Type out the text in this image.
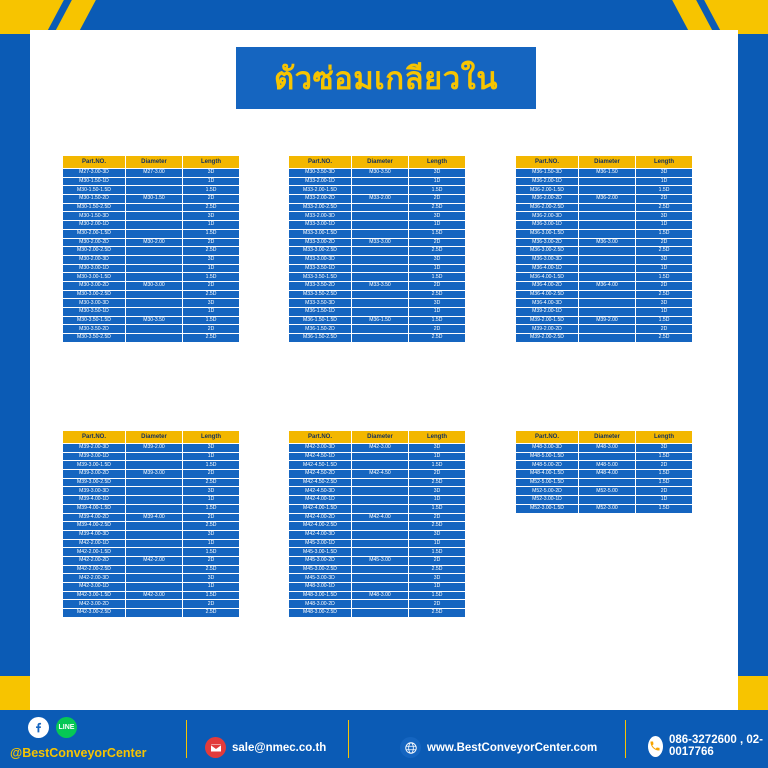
ตัวซ่อมเกลียวใน
Part.NO.	Diameter	Length
M27-3.00-3D	M27-3.00	3D
M30-1.50-1D		1D
M30-1.50-1.5D		1.5D
M30-1.50-2D	M30-1.50	2D
M30-1.50-2.5D		2.5D
M30-1.50-3D		3D
M30-2.00-1D		1D
M30-2.00-1.5D		1.5D
M30-2.00-2D	M30-2.00	2D
M30-2.00-2.5D		2.5D
M30-2.00-3D		3D
M30-3.00-1D		1D
M30-3.00-1.5D		1.5D
M30-3.00-2D	M30-3.00	2D
M30-3.00-2.5D		2.5D
M30-3.00-3D		3D
M30-3.50-1D		1D
M30-3.50-1.5D	M30-3.50	1.5D
M30-3.50-2D		2D
M30-3.50-2.5D		2.5D
Part.NO.	Diameter	Length
M30-3.50-3D	M30-3.50	3D
M33-2.00-1D		1D
M33-2.00-1.5D		1.5D
M33-2.00-2D	M33-2.00	2D
M33-2.00-2.5D		2.5D
M33-2.00-3D		3D
M33-3.00-1D		1D
M33-3.00-1.5D		1.5D
M33-3.00-2D	M33-3.00	2D
M33-3.00-2.5D		2.5D
M33-3.00-3D		3D
M33-3.50-1D		1D
M33-3.50-1.5D		1.5D
M33-3.50-2D	M33-3.50	2D
M33-3.50-2.5D		2.5D
M33-3.50-3D		3D
M36-1.50-1D		1D
M36-1.50-1.5D	M36-1.50	1.5D
M36-1.50-2D		2D
M36-1.50-2.5D		2.5D
Part.NO.	Diameter	Length
M36-1.50-3D	M36-1.50	3D
M36-2.00-1D		1D
M36-2.00-1.5D		1.5D
M36-2.00-2D	M36-2.00	2D
M36-2.00-2.5D		2.5D
M36-2.00-3D		3D
M36-3.00-1D		1D
M36-3.00-1.5D		1.5D
M36-3.00-2D	M36-3.00	2D
M36-3.00-2.5D		2.5D
M36-3.00-3D		3D
M36-4.00-1D		1D
M36-4.00-1.5D		1.5D
M36-4.00-2D	M36-4.00	2D
M36-4.00-2.5D		2.5D
M36-4.00-3D		3D
M39-2.00-1D		1D
M39-2.00-1.5D	M39-2.00	1.5D
M39-2.00-2D		2D
M39-2.00-2.5D		2.5D
Part.NO.	Diameter	Length
M39-2.00-3D	M39-2.00	3D
M39-3.00-1D		1D
M39-3.00-1.5D		1.5D
M39-3.00-2D	M39-3.00	2D
M39-3.00-2.5D		2.5D
M39-3.00-3D		3D
M39-4.00-1D		1D
M39-4.00-1.5D		1.5D
M39-4.00-2D	M39-4.00	2D
M39-4.00-2.5D		2.5D
M39-4.00-3D		3D
M42-2.00-1D		1D
M42-2.00-1.5D		1.5D
M42-2.00-2D	M42-2.00	2D
M42-2.00-2.5D		2.5D
M42-2.00-3D		3D
M42-3.00-1D		1D
M42-3.00-1.5D	M42-3.00	1.5D
M42-3.00-2D		2D
M42-3.00-2.5D		2.5D
Part.NO.	Diameter	Length
M42-3.00-3D	M42-3.00	3D
M42-4.50-1D		1D
M42-4.50-1.5D		1.5D
M42-4.50-2D	M42-4.50	2D
M42-4.50-2.5D		2.5D
M42-4.50-3D		3D
M42-4.00-1D		1D
M42-4.00-1.5D		1.5D
M42-4.00-2D	M42-4.00	2D
M42-4.00-2.5D		2.5D
M42-4.00-3D		3D
M45-3.00-1D		1D
M45-3.00-1.5D		1.5D
M45-3.00-2D	M45-3.00	2D
M45-3.00-2.5D		2.5D
M45-3.00-3D		3D
M48-3.00-1D		1D
M48-3.00-1.5D	M48-3.00	1.5D
M48-3.00-2D		2D
M48-3.00-2.5D		2.5D
Part.NO.	Diameter	Length
M48-3.00-3D	M48-3.00	3D
M48-5.00-1.5D		1.5D
M48-5.00-2D	M48-5.00	2D
M48-4.00-1.5D	M48-4.00	1.5D
M52-5.00-1.5D		1.5D
M52-5.00-2D	M52-5.00	2D
M52-3.00-1D		1D
M52-3.00-1.5D	M52-3.00	1.5D
LINE
@BestConveyorCenter	sale@nmec.co.th	www.BestConveyorCenter.com
086-3272600 , 02-0017766
